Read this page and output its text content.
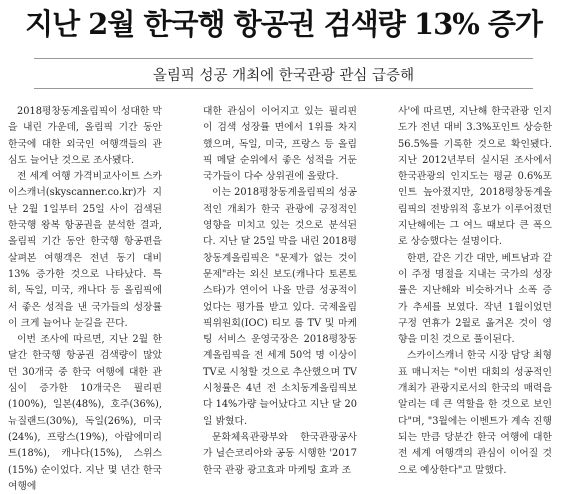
지난 2월 한국행 항공권 검색량 13% 증가
올림픽 성공 개최에 한국관광 관심 급증해

2018평창동계올림픽이 성대한 막을 내린 가운데, 올림픽 기간 동안 한국에 대한 외국인 여행객들의 관심도 늘어난 것으로 조사됐다.

전 세계 여행 가격비교사이트 스카이스캐너(skyscanner.co.kr)가 지난 2월 1일부터 25일 사이 검색된 한국행 왕복 항공권을 분석한 결과, 올림픽 기간 동안 한국행 항공편을 살펴본 여행객은 전년 동기 대비 13% 증가한 것으로 나타났다. 특히, 독일, 미국, 캐나다 등 올림픽에서 좋은 성적을 낸 국가들의 성장률이 크게 늘어나 눈길을 끈다.

이번 조사에 따르면, 지난 2월 한 달간 한국행 항공권 검색량이 많았던 30개국 중 한국 여행에 대한 관심이 증가한 10개국은 필리핀(100%), 일본(48%), 호주(36%), 뉴질랜드(30%), 독일(26%), 미국(24%), 프랑스(19%), 아랍에미리트(18%), 캐나다(15%), 스위스(15%) 순이었다. 지난 몇 년간 한국 여행에

대한 관심이 이어지고 있는 필리핀이 검색 성장률 면에서 1위를 차지했으며, 독일, 미국, 프랑스 등 올림픽 메달 순위에서 좋은 성적을 거둔 국가들이 다수 상위권에 올랐다.

이는 2018평창동계올림픽의 성공적인 개최가 한국 관광에 긍정적인 영향을 미치고 있는 것으로 분석된다. 지난 달 25일 막을 내린 2018평창동계올림픽은 "문제가 없는 것이 문제"라는 외신 보도(캐나다 토론토 스타)가 연이어 나올 만큼 성공적이었다는 평가를 받고 있다. 국제올림픽위원회(IOC) 티모 룸 TV 및 마케팅 서비스 운영국장은 2018평창동계올림픽을 전 세계 50억 명 이상이 TV로 시청할 것으로 추산했으며 TV 시청률은 4년 전 소치동계올림픽보다 14%가량 늘어났다고 지난 달 20일 밝혔다.

문화체육관광부와 한국관광공사가 닐슨코리아와 공동 시행한 '2017 한국 관광 광고효과 마케팅 효과 조

사'에 따르면, 지난해 한국관광 인지도가 전년 대비 3.3%포인트 상승한 56.5%를 기록한 것으로 확인됐다. 지난 2012년부터 실시된 조사에서 한국관광의 인지도는 평균 0.6%포인트 높아졌지만, 2018평창동계올림픽의 전방위적 홍보가 이루어졌던 지난해에는 그 여느 때보다 큰 폭으로 상승했다는 설명이다.

한편, 같은 기간 대만, 베트남과 같이 주정 명절을 지내는 국가의 성장률은 지난해와 비슷하거나 소폭 증가 추세를 보였다. 작년 1월이었던 구정 연휴가 2월로 옮겨온 것이 영향을 미친 것으로 풀이된다.

스카이스캐너 한국 시장 담당 최형표 매니저는 "이번 대회의 성공적인 개최가 관광지로서의 한국의 매력을 알리는 데 큰 역할을 한 것으로 보인다"며, "3월에는 이벤트가 계속 진행되는 만큼 당분간 한국 여행에 대한 전 세계 여행객의 관심이 이어질 것으로 예상한다"고 말했다.
